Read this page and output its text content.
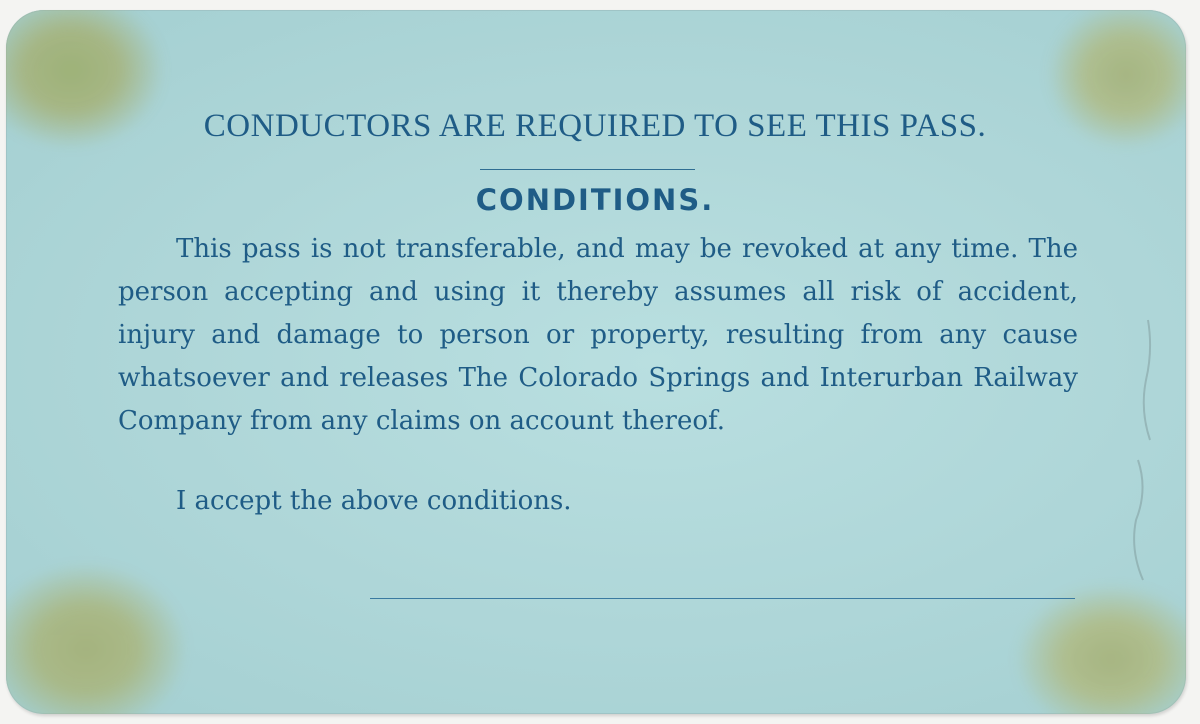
CONDUCTORS ARE REQUIRED TO SEE THIS PASS.
CONDITIONS.

This pass is not transferable, and may be revoked at any time. The person accepting and using it thereby assumes all risk of accident, injury and damage to person or property, resulting from any cause whatsoever and releases The Colorado Springs and Interurban Railway Company from any claims on account thereof.

I accept the above conditions.
